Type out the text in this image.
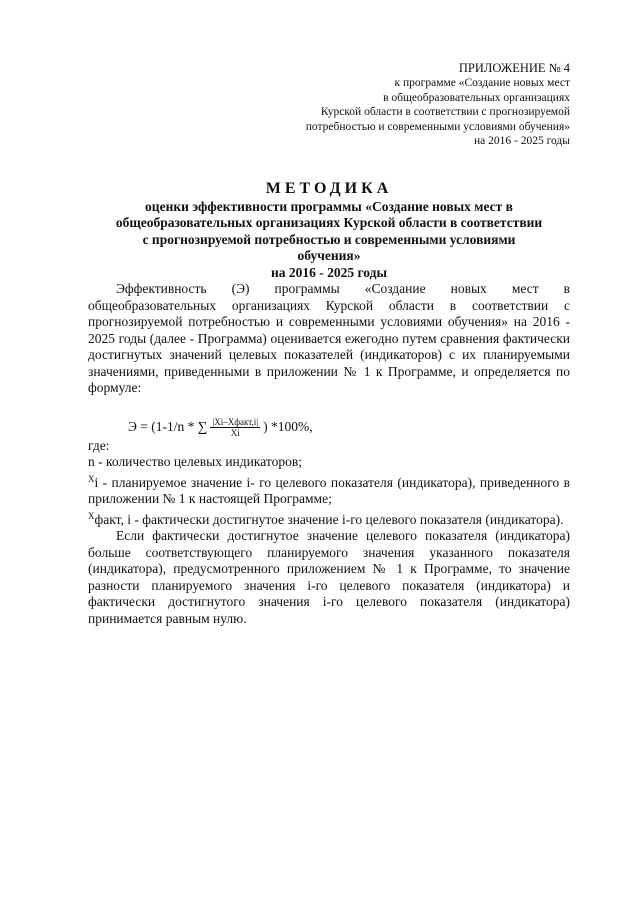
ПРИЛОЖЕНИЕ № 4
к программе «Создание новых мест
в общеобразовательных организациях
Курской области в соответствии с прогнозируемой
потребностью и современными условиями обучения»
на 2016 - 2025 годы
МЕТОДИКА
оценки эффективности программы «Создание новых мест в
общеобразовательных организациях Курской области в соответствии
с прогнозируемой потребностью и современными условиями
обучения»
на 2016 - 2025 годы

Эффективность (Э) программы «Создание новых мест в общеобразовательных организациях Курской области в соответствии с прогнозируемой потребностью и современными условиями обучения» на 2016 - 2025 годы (далее - Программа) оценивается ежегодно путем сравнения фактически достигнутых значений целевых показателей (индикаторов) с их планируемыми значениями, приведенными в приложении № 1 к Программе, и определяется по формуле:

Э = (1-1/n * ∑ $\frac{\text{|Xi–Xфакт,i|}}{Xi}$ ) *100%,

где:

n - количество целевых индикаторов;

$^X$i - планируемое значение i- го целевого показателя (индикатора), приведенного в приложении № 1 к настоящей Программе;

$^X$факт, i - фактически достигнутое значение i-го целевого показателя (индикатора).

Если фактически достигнутое значение целевого показателя (индикатора) больше соответствующего планируемого значения указанного показателя (индикатора), предусмотренного приложением № 1 к Программе, то значение разности планируемого значения i-го целевого показателя (индикатора) и фактически достигнутого значения i-го целевого показателя (индикатора) принимается равным нулю.
